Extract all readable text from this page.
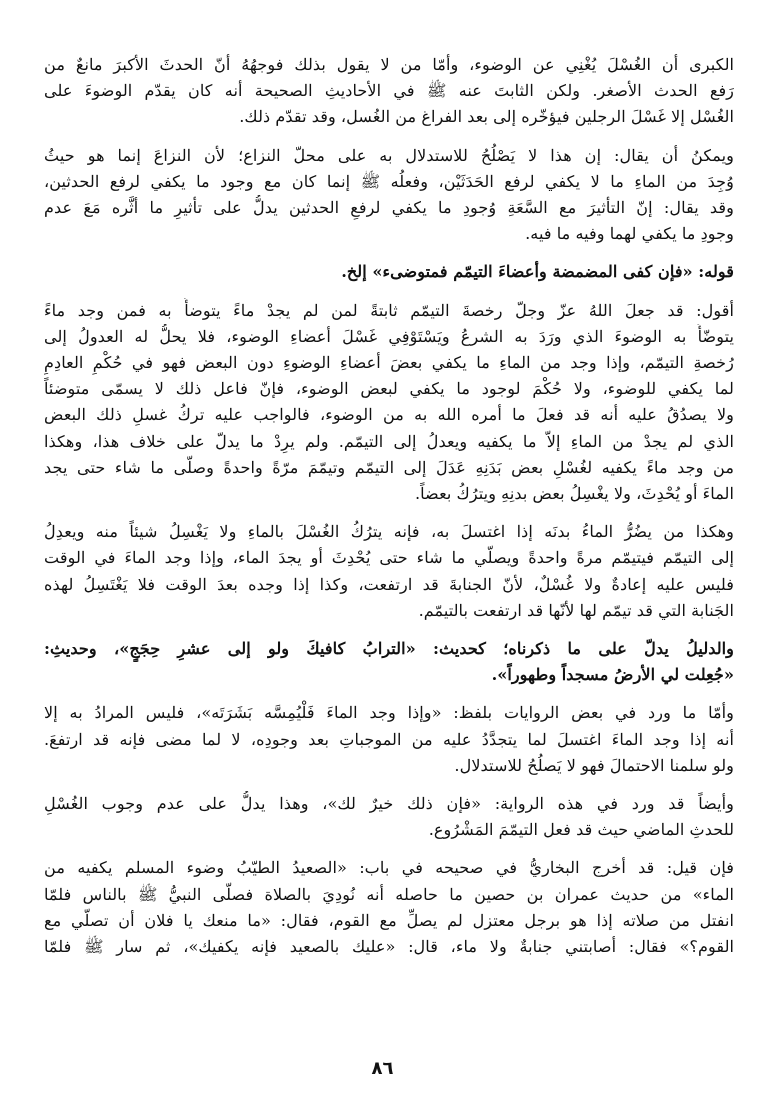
الكبرى أن الغُسْلَ يُغْنِي عن الوضوء، وأمّا من لا يقول بذلك فوجهُهُ أنّ الحدثَ الأكبرَ مانعٌ من
رَفع الحدث الأصغر. ولكن الثابتَ عنه ﷺ في الأحاديثِ الصحيحة أنه كان يقدّم الوضوءَ على
الغُسْل إلا غَسْلَ الرجلين فيؤخّره إلى بعد الفراغ من الغُسل، وقد تقدّم ذلك.
ويمكنُ أن يقال: إن هذا لا يَصْلُحُ للاستدلال به على محلّ النزاع؛ لأن النزاعَ إنما هو حيثُ
وُجِدَ من الماءِ ما لا يكفي لرفع الحَدَثَيْن، وفعلُه ﷺ إنما كان مع وجود ما يكفي لرفع الحدثين،
وقد يقال: إنّ التأثيرَ مع السَّعَةِ وُجودِ ما يكفي لرفعِ الحدثين يدلُّ على تأثيرِ ما أثَّره مَعَ عدم
وجودِ ما يكفي لهما وفيه ما فيه.
قوله: «فإن كفى المضمضة وأعضاءَ التيمّم فمتوضىء» إلخ.
أقول: قد جعلَ اللهُ عزّ وجلّ رخصةَ التيمّم ثابتةً لمن لم يجدْ ماءً يتوضأُ به فمن وجد ماءً
يتوضّأُ به الوضوءَ الذي ورَدَ به الشرعُ ويَسْتَوْفِي غَسْلَ أعضاءِ الوضوء، فلا يحلُّ له العدولُ إلى
رُخصةِ التيمّم، وإذا وجد من الماءِ ما يكفي بعضَ أعضاءِ الوضوءِ دون البعض فهو في حُكْمِ العادِمِ
لما يكفي للوضوء، ولا حُكْمَ لوجود ما يكفي لبعض الوضوء، فإنّ فاعل ذلك لا يسمّى متوضئاً
ولا يصدُقُ عليه أنه قد فعلَ ما أمره الله به من الوضوء، فالواجب عليه تركُ غسلِ ذلك البعض
الذي لم يجدْ من الماءِ إلاّ ما يكفيه ويعدلُ إلى التيمّم. ولم يرِدْ ما يدلّ على خلاف هذا، وهكذا
من وجد ماءً يكفيه لغُسْلِ بعض بَدَنِهِ عَدَلَ إلى التيمّم وتيمّمَ مرّةً واحدةً وصلّى ما شاء حتى يجد
الماءَ أو يُحْدِثَ، ولا يغْسِلُ بعض بدنِهِ ويترُكُ بعضاً.
وهكذا من يضُرُّ الماءُ بدنَه إذا اغتسلَ به، فإنه يترُكُ الغُسْلَ بالماءِ ولا يَغْسِلُ شيئاً منه ويعدِلُ
إلى التيمّم فيتيمّم مرةً واحدةً ويصلّي ما شاء حتى يُحْدِثَ أو يجدَ الماء، وإذا وجد الماءَ في الوقت
فليس عليه إعادةٌ ولا غُسْلٌ، لأنّ الجنابةَ قد ارتفعت، وكذا إذا وجده بعدَ الوقت فلا يَغْتَسِلُ لهذه
الجَنابة التي قد تيمّم لها لأنّها قد ارتفعت بالتيمّم.
والدليلُ يدلّ على ما ذكرناه؛ كحديث: «الترابُ كافيكَ ولو إلى عشرِ حِجَجٍ»، وحديثِ:
«جُعِلت لي الأرضُ مسجداً وطهوراً».
وأمّا ما ورد في بعض الروايات بلفظ: «وإذا وجد الماءَ فَلْيُمِسَّه بَشَرَتَه»، فليس المرادُ به إلا
أنه إذا وجد الماءَ اغتسلَ لما يتجدَّدُ عليه من الموجباتِ بعد وجودِه، لا لما مضى فإنه قد ارتفعَ.
ولو سلمنا الاحتمالَ فهو لا يَصلُحُ للاستدلال.
وأيضاً قد ورد في هذه الرواية: «فإن ذلك خيرٌ لك»، وهذا يدلُّ على عدم وجوب الغُسْلِ
للحدثِ الماضي حيث قد فعل التيمّمَ المَشْرُوع.
فإن قيل: قد أخرج البخاريُّ في صحيحه في باب: «الصعيدُ الطيّبُ وضوء المسلم يكفيه من
الماء» من حديث عمران بن حصين ما حاصله أنه نُودِيَ بالصلاة فصلّى النبيُّ ﷺ بالناس فلمّا
انفتل من صلاته إذا هو برجل معتزل لم يصلِّ مع القوم، فقال: «ما منعك يا فلان أن تصلّي مع
القوم؟» فقال: أصابتني جنابةٌ ولا ماء، قال: «عليك بالصعيد فإنه يكفيك»، ثم سار ﷺ فلمّا
٨٦
